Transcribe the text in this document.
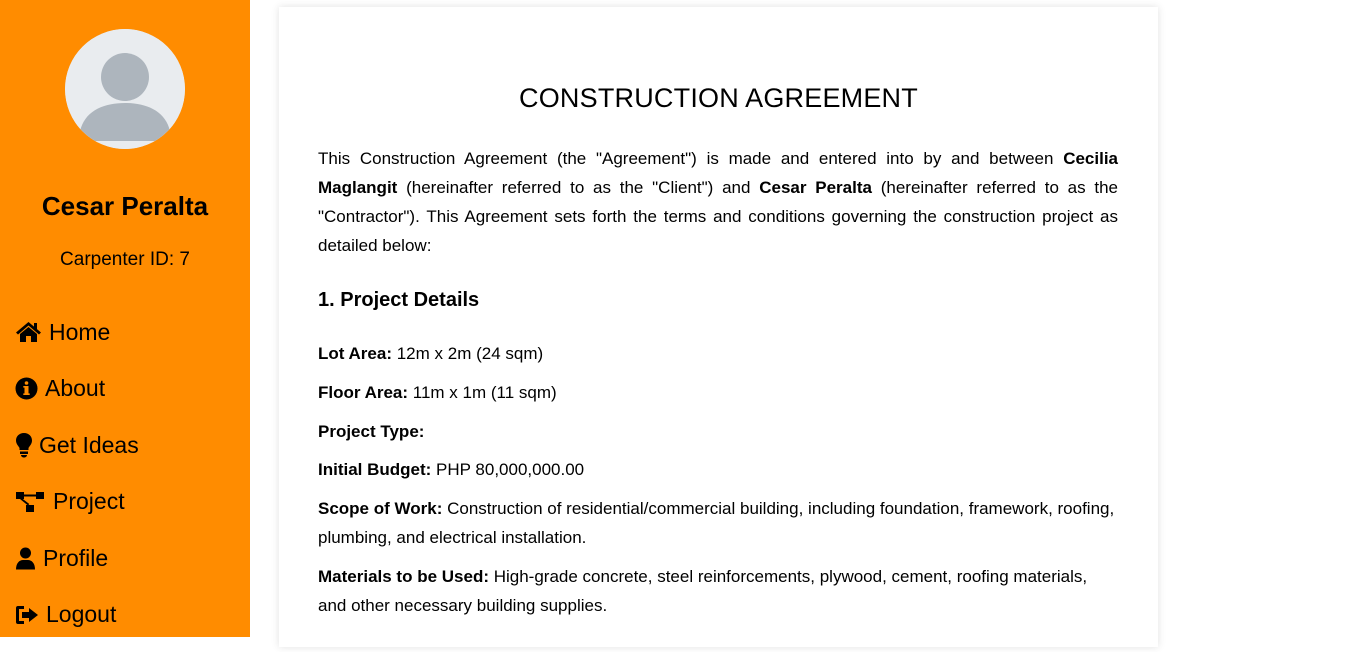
Cesar Peralta
Carpenter ID: 7
Home
About
Get Ideas
Project
Profile
Logout
CONSTRUCTION AGREEMENT

This Construction Agreement (the "Agreement") is made and entered into by and between Cecilia Maglangit (hereinafter referred to as the "Client") and Cesar Peralta (hereinafter referred to as the "Contractor"). This Agreement sets forth the terms and conditions governing the construction project as detailed below:

1. Project Details

Lot Area: 12m x 2m (24 sqm)

Floor Area: 11m x 1m (11 sqm)

Project Type:

Initial Budget: PHP 80,000,000.00

Scope of Work: Construction of residential/commercial building, including foundation, framework, roofing, plumbing, and electrical installation.

Materials to be Used: High-grade concrete, steel reinforcements, plywood, cement, roofing materials, and other necessary building supplies.
